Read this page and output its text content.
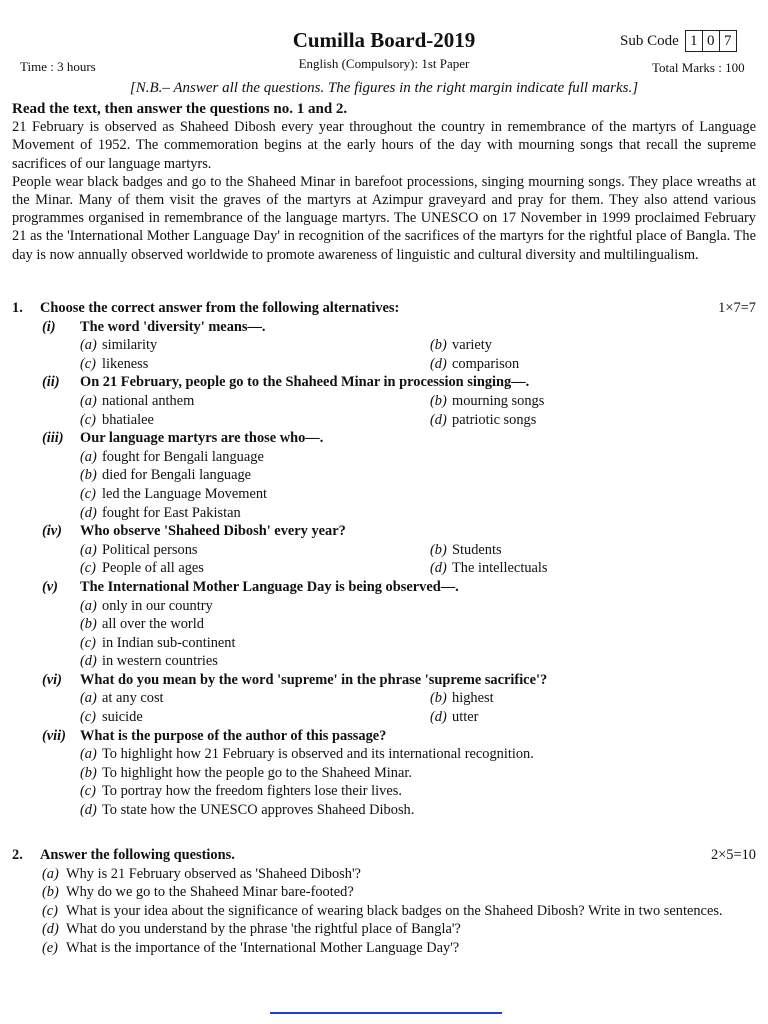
Cumilla Board-2019
English (Compulsory): 1st Paper
Time : 3 hours
Sub Code 1 0 7
Total Marks : 100
[N.B.– Answer all the questions. The figures in the right margin indicate full marks.]
Read the text, then answer the questions no. 1 and 2.

21 February is observed as Shaheed Dibosh every year throughout the country in remembrance of the martyrs of Language Movement of 1952. The commemoration begins at the early hours of the day with mourning songs that recall the supreme sacrifices of our language martyrs.

People wear black badges and go to the Shaheed Minar in barefoot processions, singing mourning songs. They place wreaths at the Minar. Many of them visit the graves of the martyrs at Azimpur graveyard and pray for them. They also attend various programmes organised in remembrance of the language martyrs. The UNESCO on 17 November in 1999 proclaimed February 21 as the 'International Mother Language Day' in recognition of the sacrifices of the martyrs for the rightful place of Bangla. The day is now annually observed worldwide to promote awareness of linguistic and cultural diversity and multilingualism.

1. Choose the correct answer from the following alternatives:	1×7=7
(i) The word 'diversity' means—.
(a) similarity	(b) variety
(c) likeness	(d) comparison
(ii) On 21 February, people go to the Shaheed Minar in procession singing—.
(a) national anthem	(b) mourning songs
(c) bhatialee	(d) patriotic songs
(iii) Our language martyrs are those who—.
(a) fought for Bengali language
(b) died for Bengali language
(c) led the Language Movement
(d) fought for East Pakistan
(iv) Who observe 'Shaheed Dibosh' every year?
(a) Political persons	(b) Students
(c) People of all ages	(d) The intellectuals
(v) The International Mother Language Day is being observed—.
(a) only in our country
(b) all over the world
(c) in Indian sub-continent
(d) in western countries
(vi) What do you mean by the word 'supreme' in the phrase 'supreme sacrifice'?
(a) at any cost	(b) highest
(c) suicide	(d) utter
(vii) What is the purpose of the author of this passage?
(a) To highlight how 21 February is observed and its international recognition.
(b) To highlight how the people go to the Shaheed Minar.
(c) To portray how the freedom fighters lose their lives.
(d) To state how the UNESCO approves Shaheed Dibosh.
2. Answer the following questions.	2×5=10
(a) Why is 21 February observed as 'Shaheed Dibosh'?
(b) Why do we go to the Shaheed Minar bare-footed?
(c) What is your idea about the significance of wearing black badges on the Shaheed Dibosh? Write in two sentences.
(d) What do you understand by the phrase 'the rightful place of Bangla'?
(e) What is the importance of the 'International Mother Language Day'?
